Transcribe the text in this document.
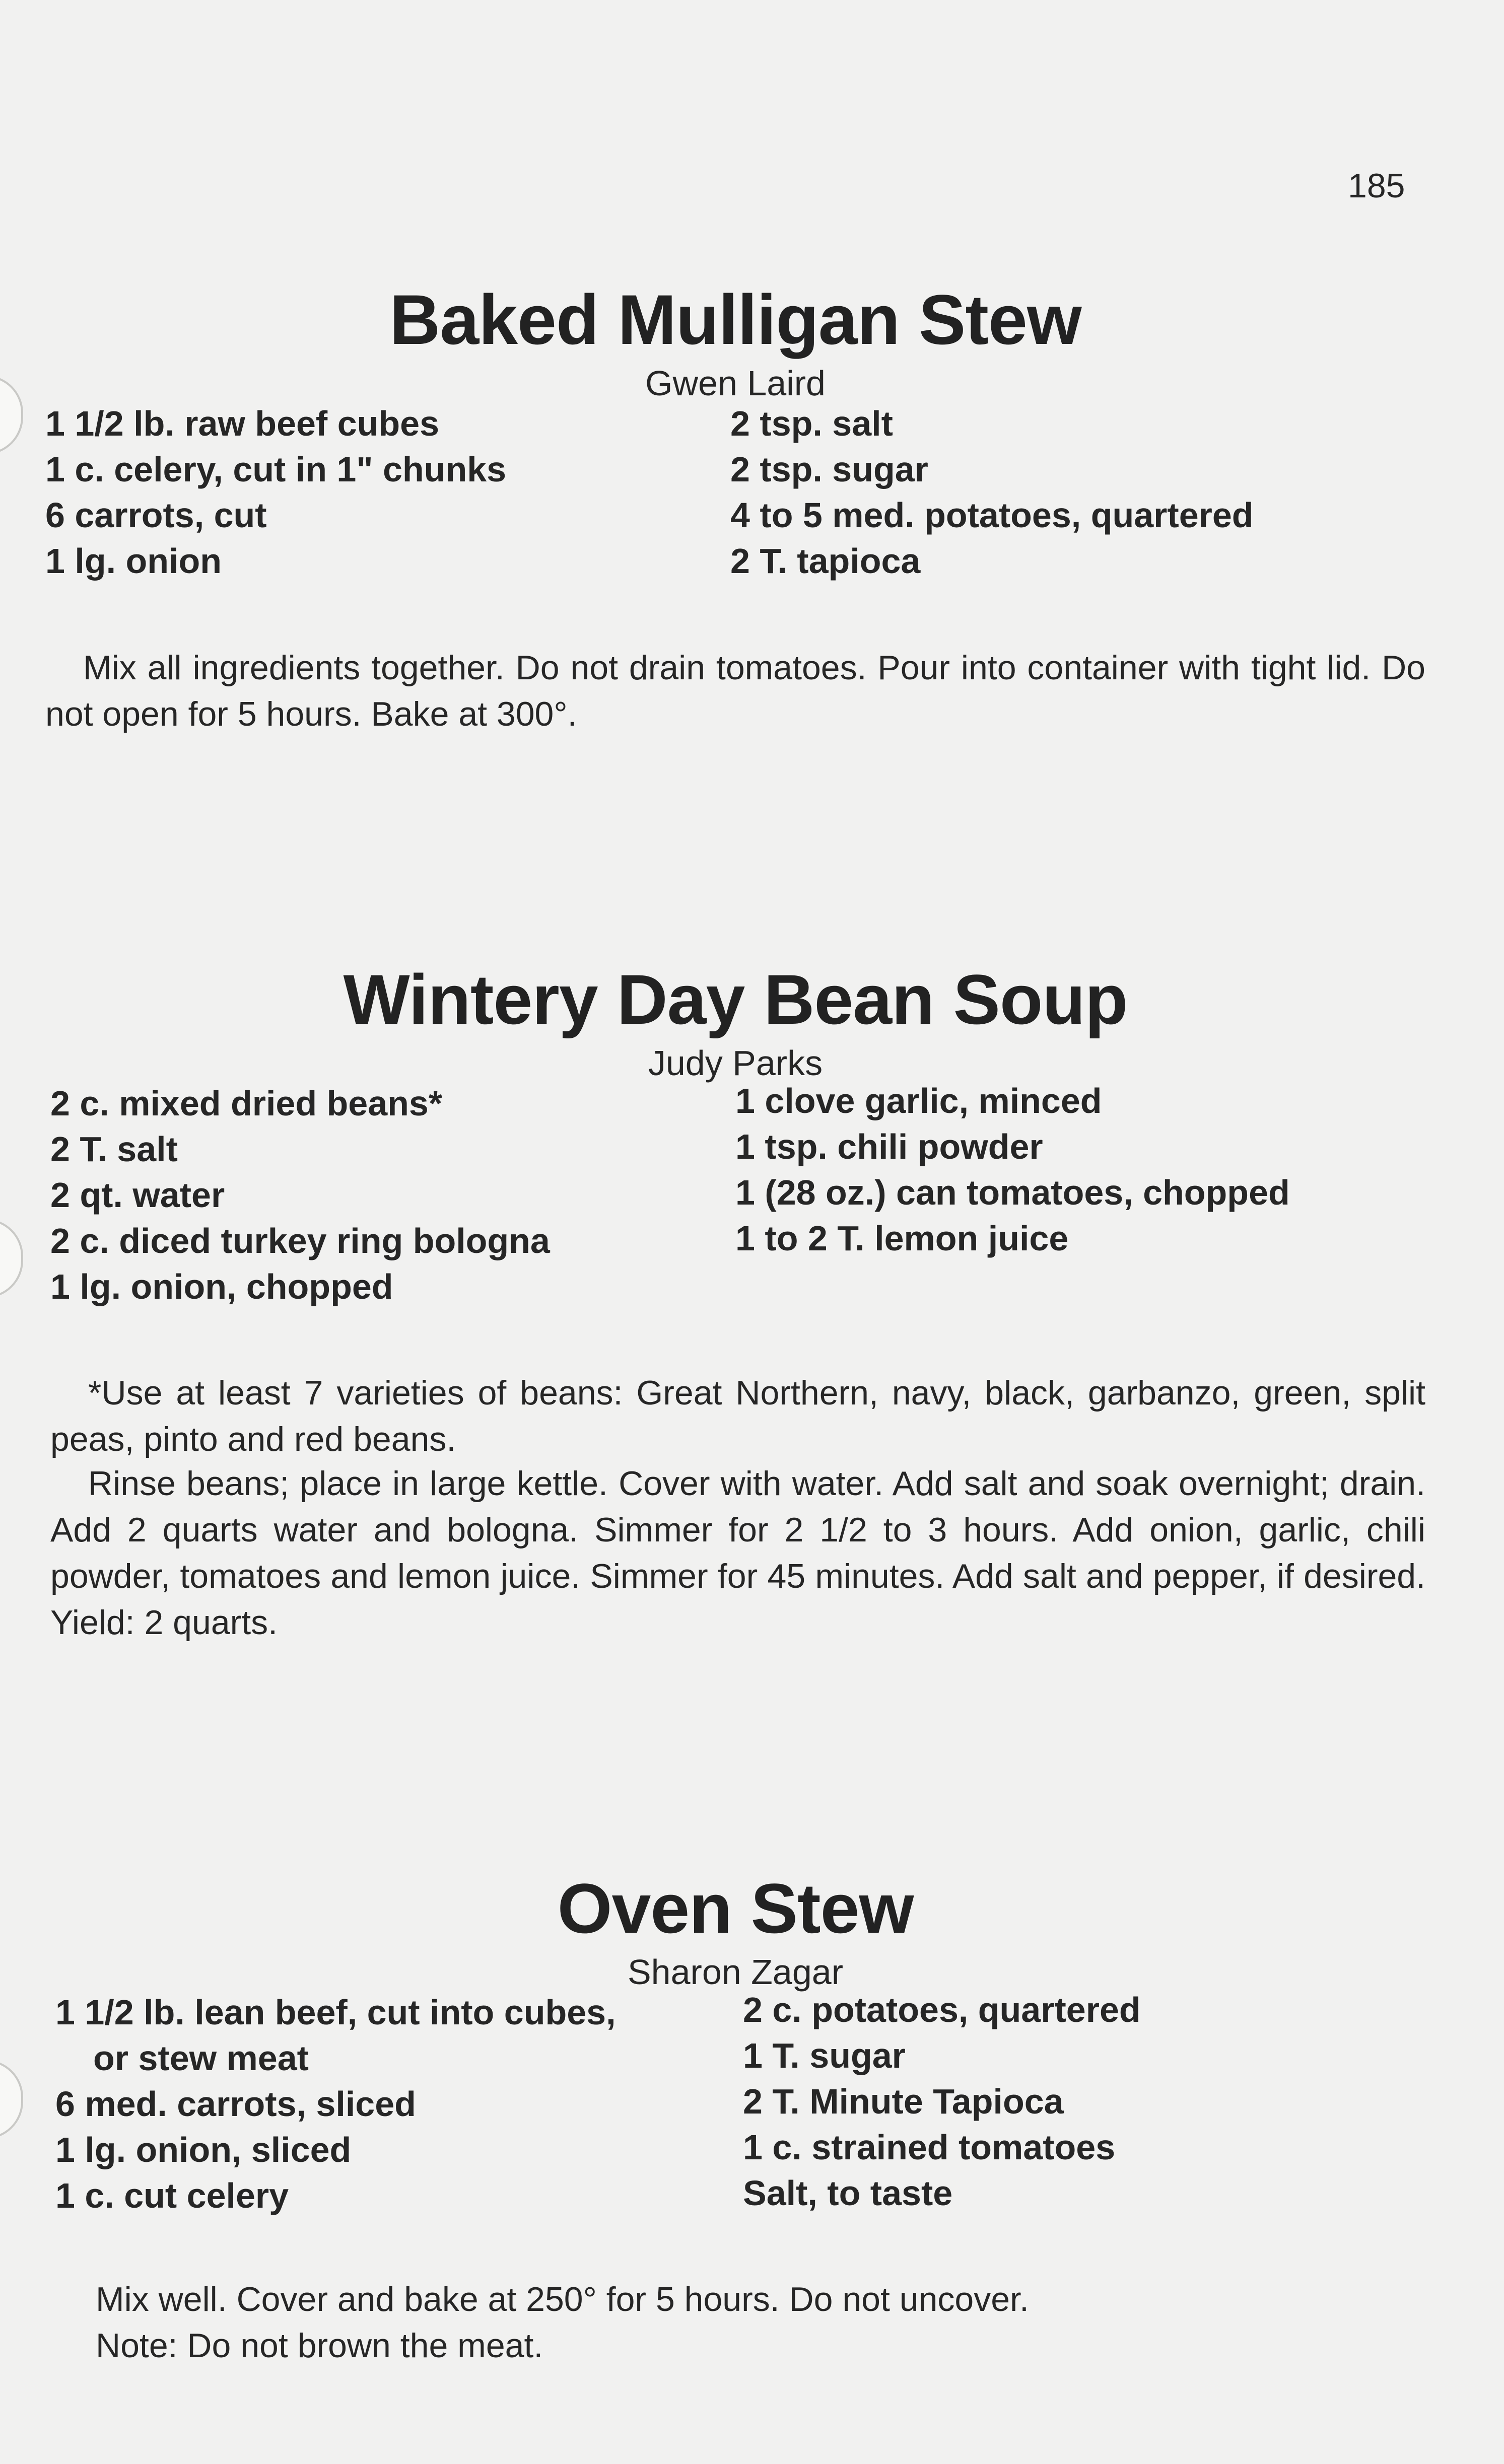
185
Baked Mulligan Stew
Gwen Laird
1 1/2 lb. raw beef cubes
1 c. celery, cut in 1" chunks
6 carrots, cut
1 lg. onion
2 tsp. salt
2 tsp. sugar
4 to 5 med. potatoes, quartered
2 T. tapioca
Mix all ingredients together. Do not drain tomatoes. Pour into container with tight lid. Do not open for 5 hours. Bake at 300°.
Wintery Day Bean Soup
Judy Parks
2 c. mixed dried beans*
2 T. salt
2 qt. water
2 c. diced turkey ring bologna
1 lg. onion, chopped
1 clove garlic, minced
1 tsp. chili powder
1 (28 oz.) can tomatoes, chopped
1 to 2 T. lemon juice
*Use at least 7 varieties of beans: Great Northern, navy, black, garbanzo, green, split peas, pinto and red beans.
Rinse beans; place in large kettle. Cover with water. Add salt and soak overnight; drain. Add 2 quarts water and bologna. Simmer for 2 1/2 to 3 hours. Add onion, garlic, chili powder, tomatoes and lemon juice. Simmer for 45 minutes. Add salt and pepper, if desired. Yield: 2 quarts.
Oven Stew
Sharon Zagar
1 1/2 lb. lean beef, cut into cubes,
or stew meat
6 med. carrots, sliced
1 lg. onion, sliced
1 c. cut celery
2 c. potatoes, quartered
1 T. sugar
2 T. Minute Tapioca
1 c. strained tomatoes
Salt, to taste
Mix well. Cover and bake at 250° for 5 hours. Do not uncover.
Note: Do not brown the meat.
